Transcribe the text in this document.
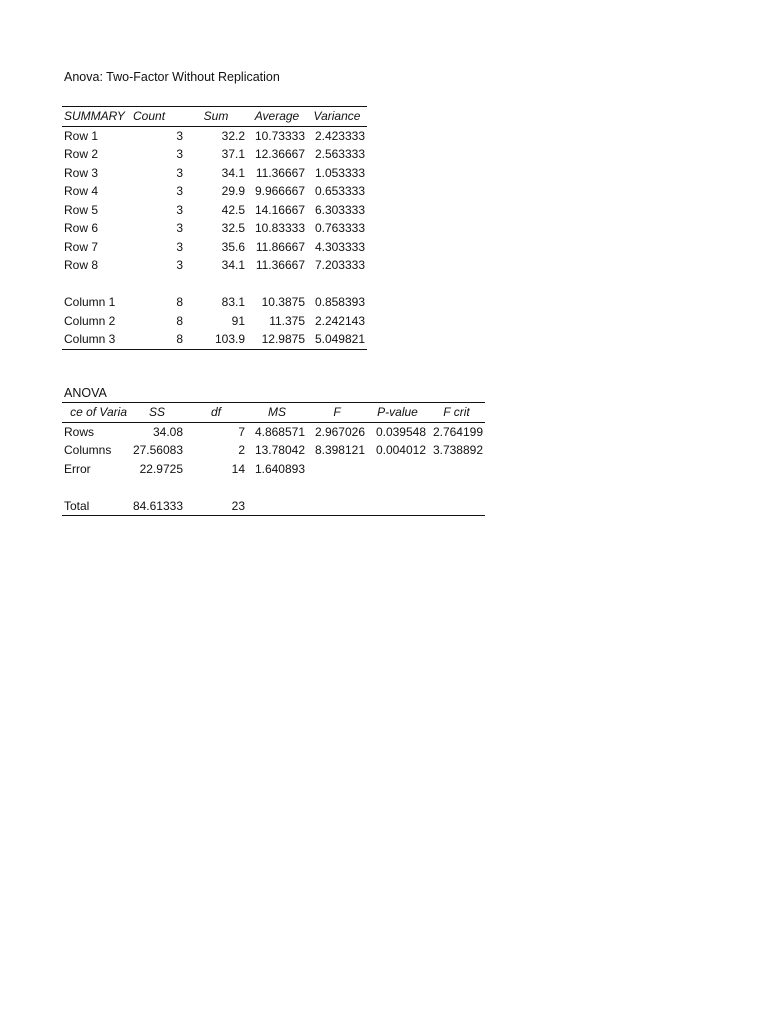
Anova: Two-Factor Without Replication
SUMMARY	Count	Sum	Average	Variance
Row 1	3	32.2	10.73333	2.423333
Row 2	3	37.1	12.36667	2.563333
Row 3	3	34.1	11.36667	1.053333
Row 4	3	29.9	9.966667	0.653333
Row 5	3	42.5	14.16667	6.303333
Row 6	3	32.5	10.83333	0.763333
Row 7	3	35.6	11.86667	4.303333
Row 8	3	34.1	11.36667	7.203333

Column 1	8	83.1	10.3875	0.858393
Column 2	8	91	11.375	2.242143
Column 3	8	103.9	12.9875	5.049821
ANOVA
ce of Varia	SS	df	MS	F	P-value	F crit
Rows	34.08	7	4.868571	2.967026	0.039548	2.764199
Columns	27.56083	2	13.78042	8.398121	0.004012	3.738892
Error	22.9725	14	1.640893			

Total	84.61333	23				
